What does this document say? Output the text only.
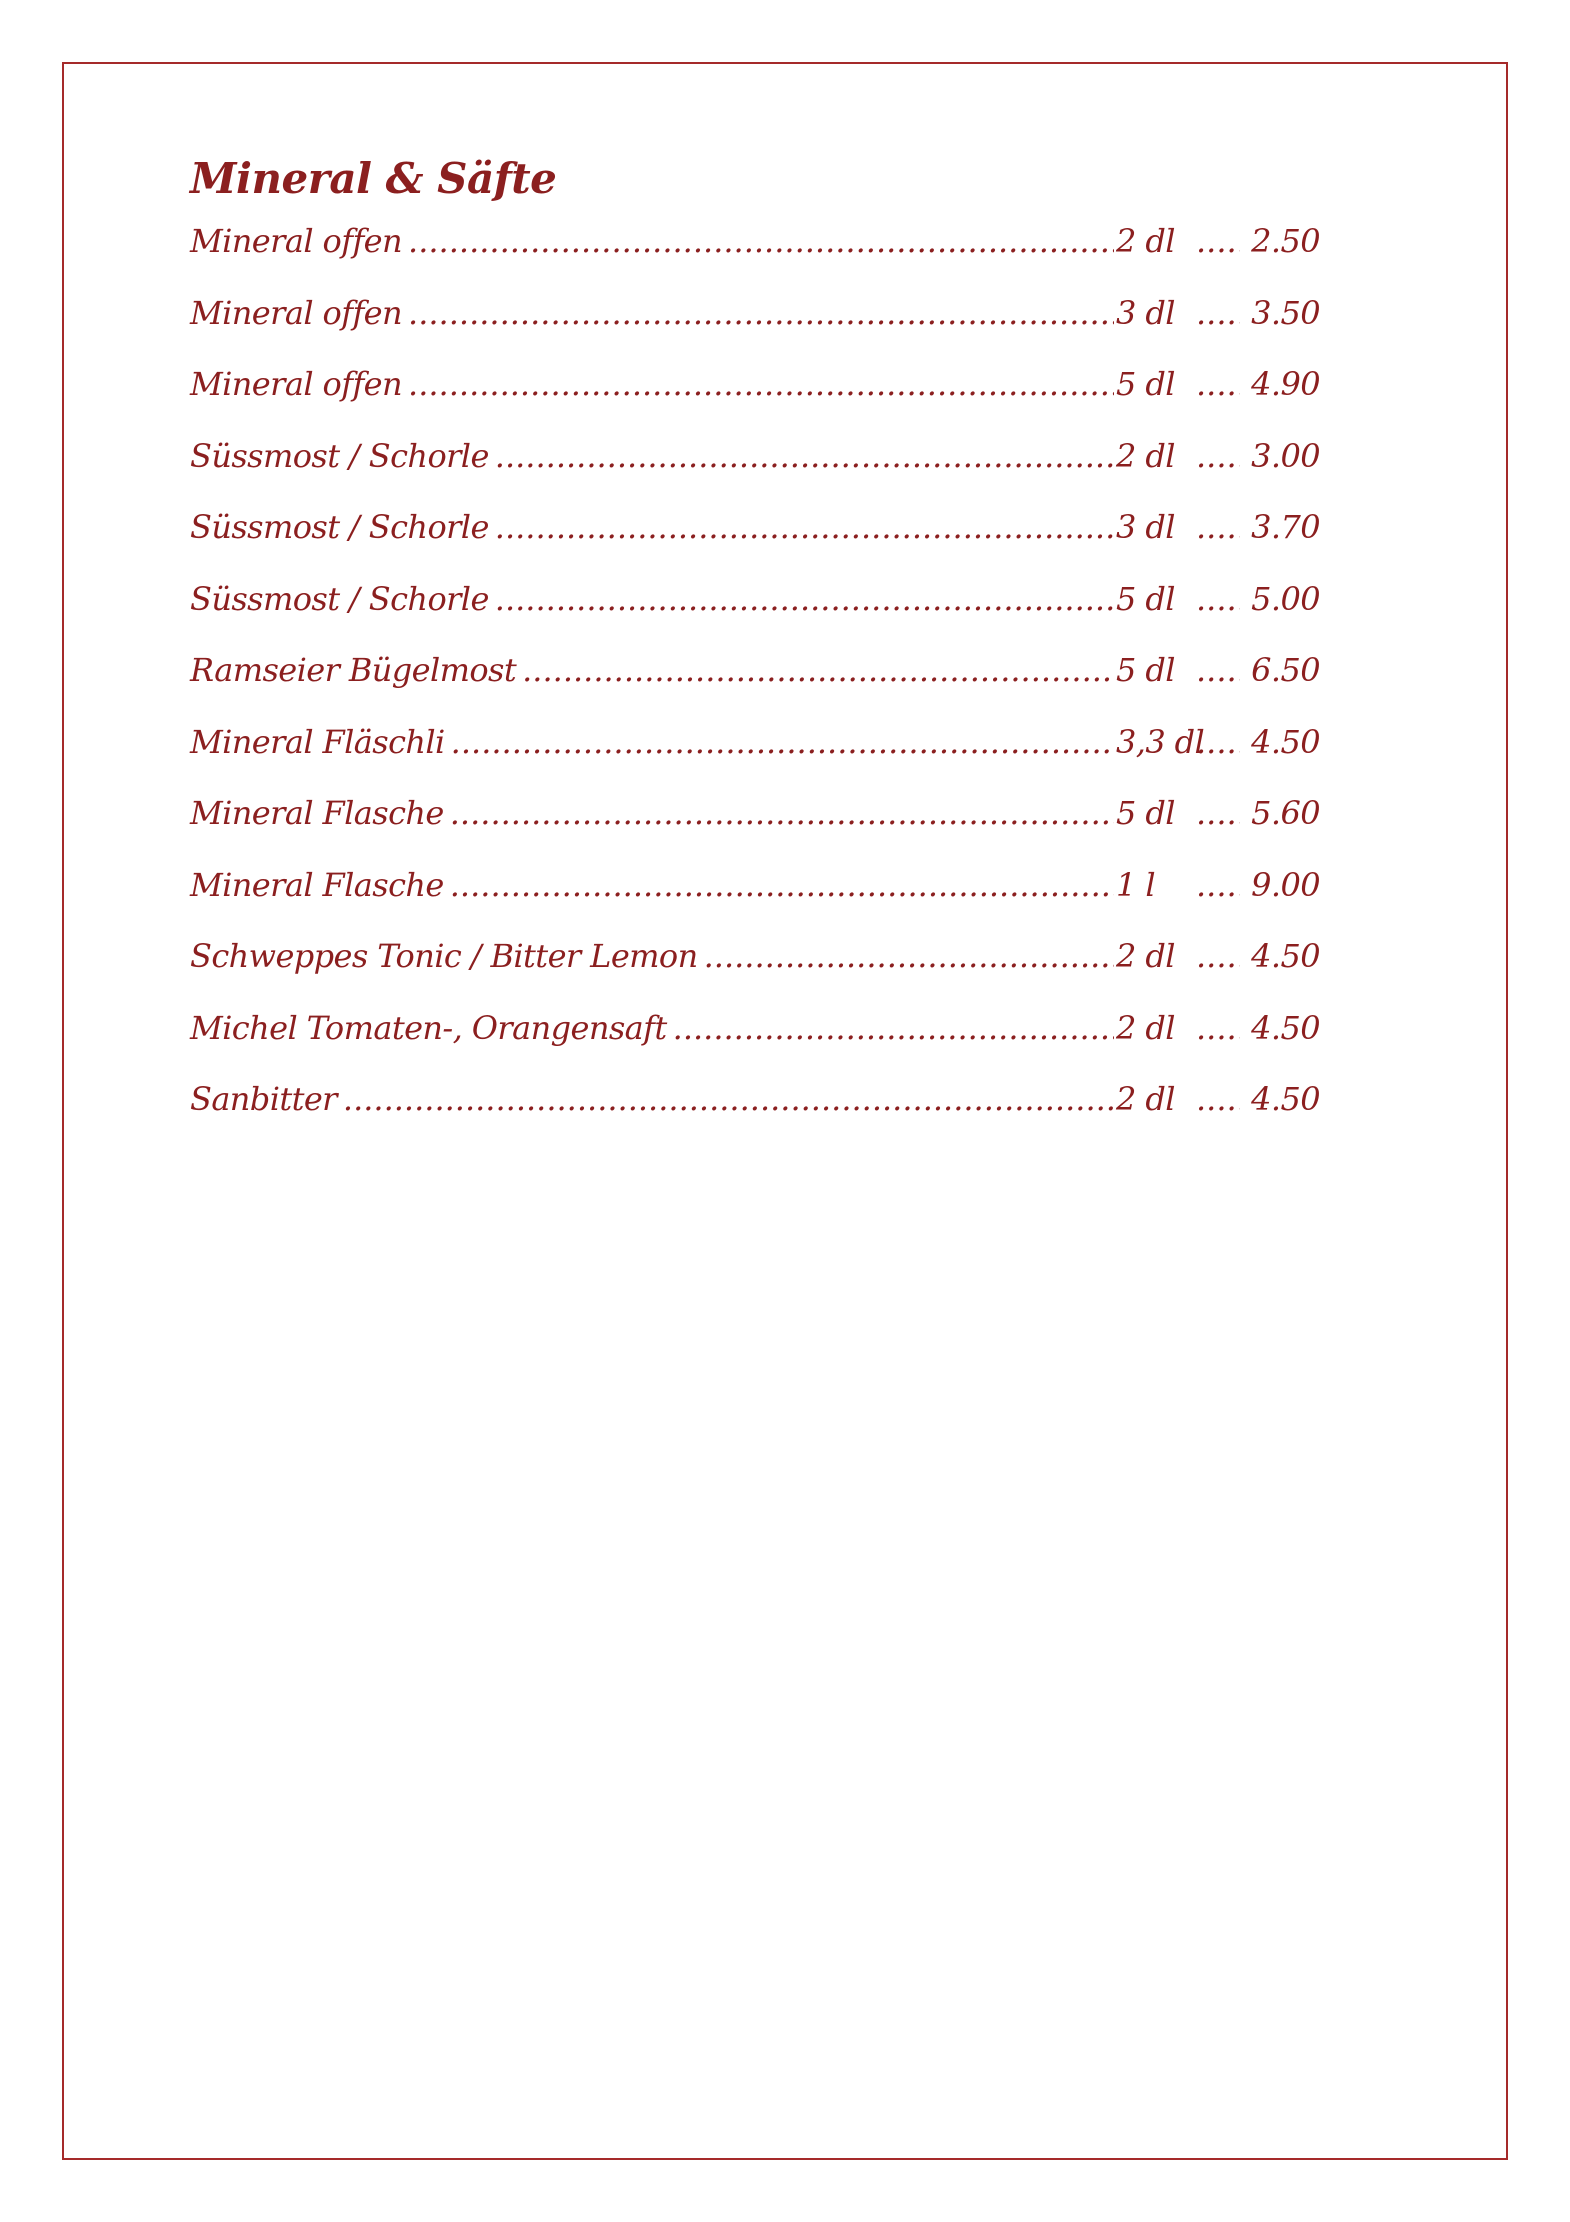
Mineral & Säfte
Mineral offen .....	2 dl .....	2.50
Mineral offen .....	3 dl .....	3.50
Mineral offen .....	5 dl .....	4.90
Süssmost / Schorle .....	2 dl .....	3.00
Süssmost / Schorle .....	3 dl .....	3.70
Süssmost / Schorle .....	5 dl .....	5.00
Ramseier Bügelmost .....	5 dl .....	6.50
Mineral Fläschli .....	3,3 dl .....	4.50
Mineral Flasche .....	5 dl .....	5.60
Mineral Flasche .....	1 l .....	9.00
Schweppes Tonic / Bitter Lemon .....	2 dl .....	4.50
Michel Tomaten-, Orangensaft .....	2 dl .....	4.50
Sanbitter .....	2 dl .....	4.50
